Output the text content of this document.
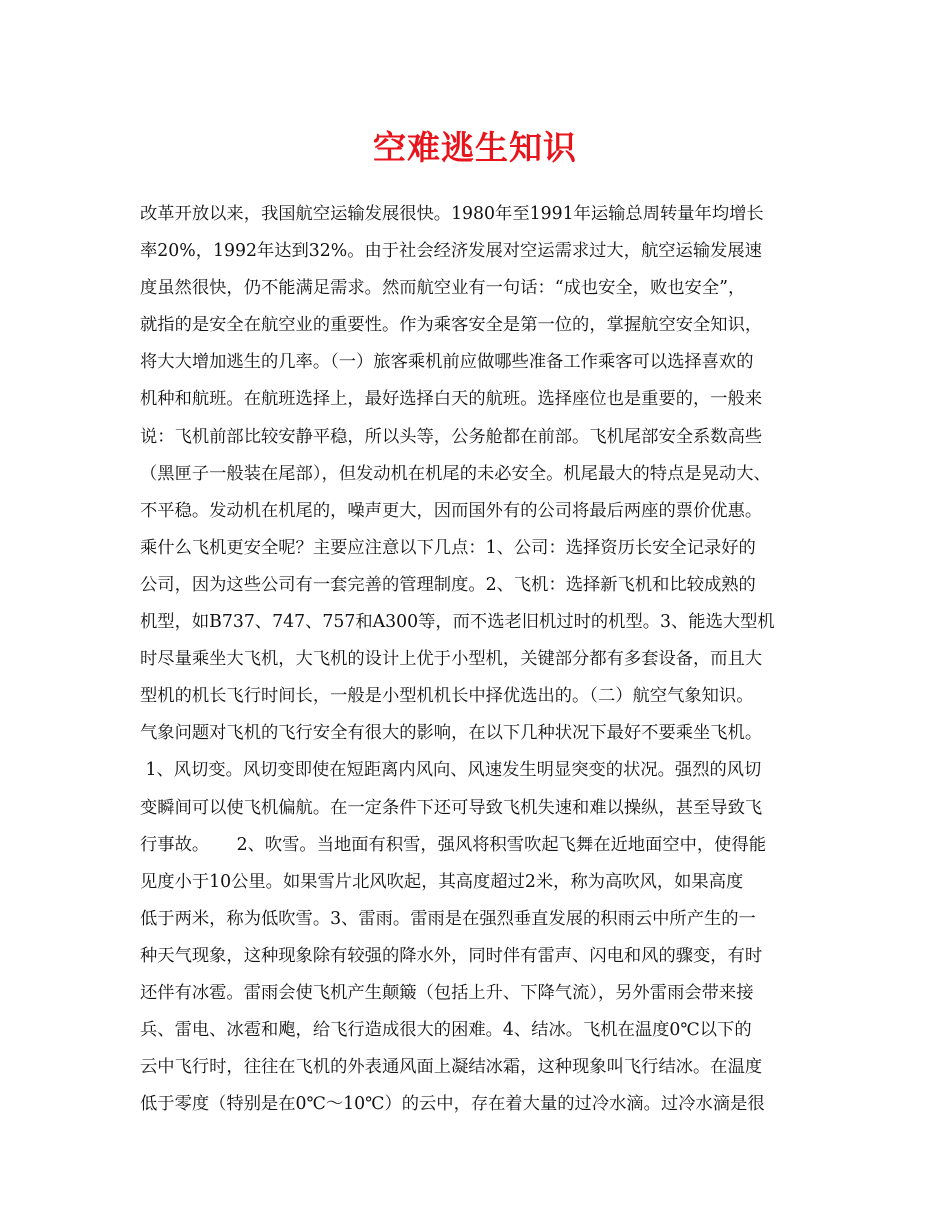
空难逃生知识
改革开放以来，我国航空运输发展很快。1980年至1991年运输总周转量年均增长
率20%，1992年达到32%。由于社会经济发展对空运需求过大，航空运输发展速
度虽然很快，仍不能满足需求。然而航空业有一句话：“成也安全，败也安全”，
就指的是安全在航空业的重要性。作为乘客安全是第一位的，掌握航空安全知识，
将大大增加逃生的几率。（一）旅客乘机前应做哪些准备工作乘客可以选择喜欢的
机种和航班。在航班选择上，最好选择白天的航班。选择座位也是重要的，一般来
说：飞机前部比较安静平稳，所以头等，公务舱都在前部。飞机尾部安全系数高些
（黑匣子一般装在尾部），但发动机在机尾的未必安全。机尾最大的特点是晃动大、
不平稳。发动机在机尾的，噪声更大，因而国外有的公司将最后两座的票价优惠。
乘什么飞机更安全呢？主要应注意以下几点：1、公司：选择资历长安全记录好的
公司，因为这些公司有一套完善的管理制度。2、飞机：选择新飞机和比较成熟的
机型，如B737、747、757和A300等，而不选老旧机过时的机型。3、能选大型机
时尽量乘坐大飞机，大飞机的设计上优于小型机，关键部分都有多套设备，而且大
型机的机长飞行时间长，一般是小型机机长中择优选出的。（二）航空气象知识。
气象问题对飞机的飞行安全有很大的影响，在以下几种状况下最好不要乘坐飞机。
1、风切变。风切变即使在短距离内风向、风速发生明显突变的状况。强烈的风切
变瞬间可以使飞机偏航。在一定条件下还可导致飞机失速和难以操纵，甚至导致飞
行事故。     2、吹雪。当地面有积雪，强风将积雪吹起飞舞在近地面空中，使得能
见度小于10公里。如果雪片北风吹起，其高度超过2米，称为高吹风，如果高度
低于两米，称为低吹雪。3、雷雨。雷雨是在强烈垂直发展的积雨云中所产生的一
种天气现象，这种现象除有较强的降水外，同时伴有雷声、闪电和风的骤变，有时
还伴有冰雹。雷雨会使飞机产生颠簸（包括上升、下降气流），另外雷雨会带来接
兵、雷电、冰雹和飑，给飞行造成很大的困难。4、结冰。飞机在温度0℃以下的
云中飞行时，往往在飞机的外表通风面上凝结冰霜，这种现象叫飞行结冰。在温度
低于零度（特别是在0℃～10℃）的云中，存在着大量的过冷水滴。过冷水滴是很
